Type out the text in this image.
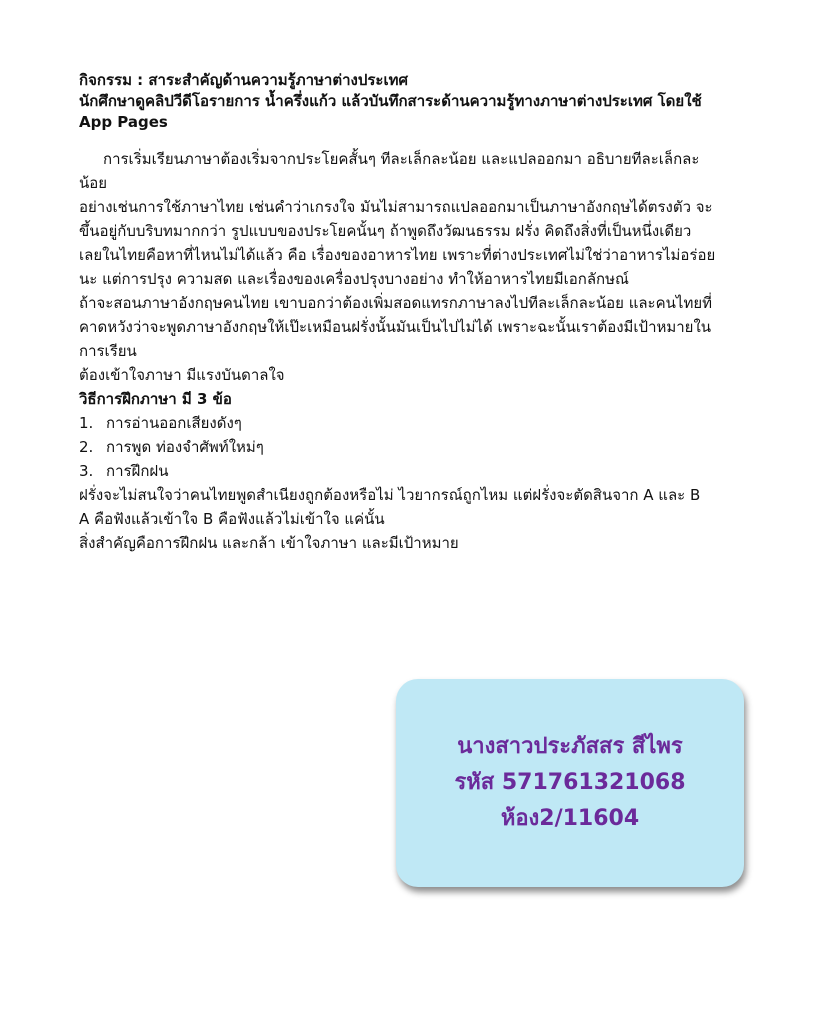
กิจกรรม : สาระสำคัญด้านความรู้ภาษาต่างประเทศ
นักศึกษาดูคลิปวีดีโอรายการ น้ำครึ่งแก้ว แล้วบันทึกสาระด้านความรู้ทางภาษาต่างประเทศ โดยใช้
App Pages
การเริ่มเรียนภาษาต้องเริ่มจากประโยคสั้นๆ ทีละเล็กละน้อย และแปลออกมา อธิบายทีละเล็กละ
น้อย
อย่างเช่นการใช้ภาษาไทย เช่นคำว่าเกรงใจ มันไม่สามารถแปลออกมาเป็นภาษาอังกฤษได้ตรงตัว จะ
ขึ้นอยู่กับบริบทมากกว่า รูปแบบของประโยคนั้นๆ ถ้าพูดถึงวัฒนธรรม ฝรั่ง คิดถึงสิ่งที่เป็นหนึ่งเดียว
เลยในไทยคือหาที่ไหนไม่ได้แล้ว คือ เรื่องของอาหารไทย เพราะที่ต่างประเทศไม่ใช่ว่าอาหารไม่อร่อย
นะ แต่การปรุง ความสด และเรื่องของเครื่องปรุงบางอย่าง ทำให้อาหารไทยมีเอกลักษณ์
ถ้าจะสอนภาษาอังกฤษคนไทย เขาบอกว่าต้องเพิ่มสอดแทรกภาษาลงไปทีละเล็กละน้อย และคนไทยที่
คาดหวังว่าจะพูดภาษาอังกฤษให้เป๊ะเหมือนฝรั่งนั้นมันเป็นไปไม่ได้ เพราะฉะนั้นเราต้องมีเป้าหมายใน
การเรียน
ต้องเข้าใจภาษา มีแรงบันดาลใจ
วิธีการฝึกภาษา มี 3 ข้อ
1. การอ่านออกเสียงดังๆ
2. การพูด ท่องจำศัพท์ใหม่ๆ
3. การฝึกฝน
ฝรั่งจะไม่สนใจว่าคนไทยพูดสำเนียงถูกต้องหรือไม่ ไวยากรณ์ถูกไหม แต่ฝรั่งจะตัดสินจาก A และ B
A คือฟังแล้วเข้าใจ B คือฟังแล้วไม่เข้าใจ แค่นั้น
สิ่งสำคัญคือการฝึกฝน และกล้า เข้าใจภาษา และมีเป้าหมาย
นางสาวประภัสสร สีไพร
รหัส 571761321068
ห้อง2/11604
